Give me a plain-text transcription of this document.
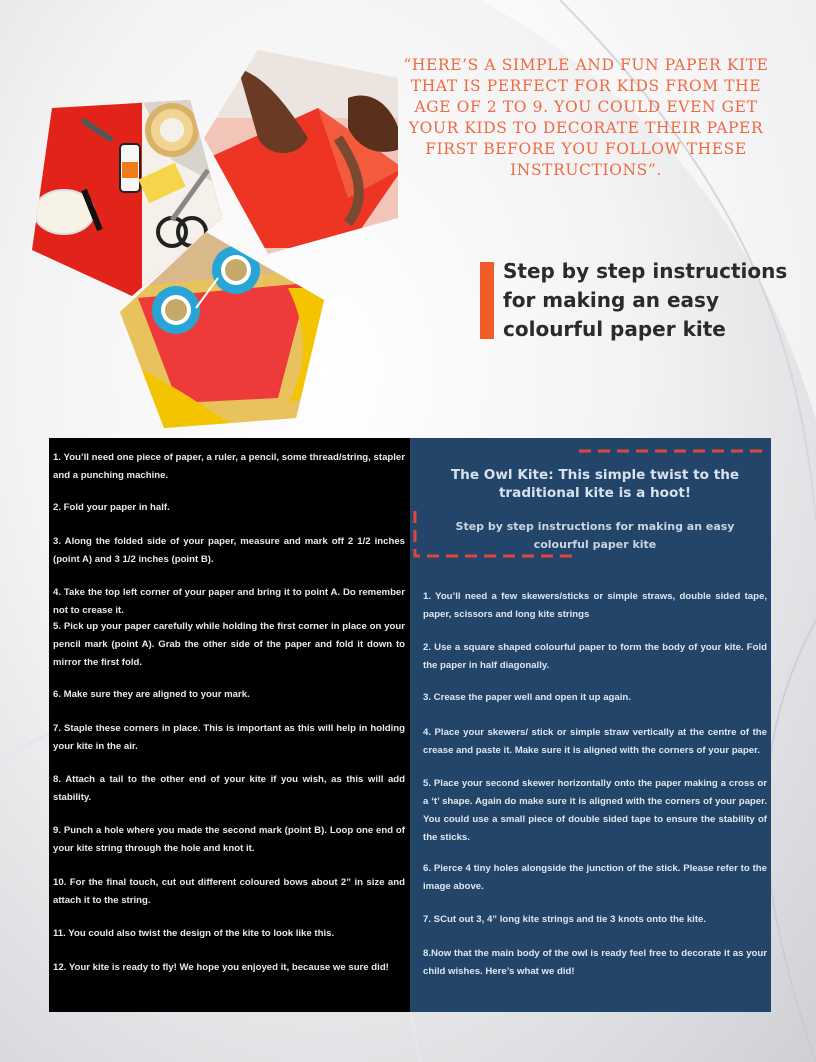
“HERE’S A SIMPLE AND FUN PAPER KITE THAT IS PERFECT FOR KIDS FROM THE AGE OF 2 TO 9. YOU COULD EVEN GET YOUR KIDS TO DECORATE THEIR PAPER FIRST BEFORE YOU FOLLOW THESE INSTRUCTIONS”.
Step by step instructions for making an easy colourful paper kite
1. You’ll need one piece of paper, a ruler, a pencil, some thread/string, stapler and a punching machine.
2. Fold your paper in half.
3. Along the folded side of your paper, measure and mark off 2 1/2 inches (point A) and 3 1/2 inches (point B).
4. Take the top left corner of your paper and bring it to point A. Do remember not to crease it.
5. Pick up your paper carefully while holding the first corner in place on your pencil mark (point A). Grab the other side of the paper and fold it down to mirror the first fold.
6. Make sure they are aligned to your mark.
7. Staple these corners in place. This is important as this will help in holding your kite in the air.
8. Attach a tail to the other end of your kite if you wish, as this will add stability.
9. Punch a hole where you made the second mark (point B). Loop one end of your kite string through the hole and knot it.
10. For the final touch, cut out different coloured bows about 2” in size and attach it to the string.
11. You could also twist the design of the kite to look like this.
12. Your kite is ready to fly! We hope you enjoyed it, because we sure did!
The Owl Kite: This simple twist to the traditional kite is a hoot!
Step by step instructions for making an easy colourful paper kite
1. You’ll need a few skewers/sticks or simple straws, double sided tape, paper, scissors and long kite strings
2. Use a square shaped colourful paper to form the body of your kite. Fold the paper in half diagonally.
3. Crease the paper well and open it up again.
4. Place your skewers/ stick or simple straw vertically at the centre of the crease and paste it. Make sure it is aligned with the corners of your paper.
5. Place your second skewer horizontally onto the paper making a cross or a ‘t’ shape. Again do make sure it is aligned with the corners of your paper. You could use a small piece of double sided tape to ensure the stability of the sticks.
6. Pierce 4 tiny holes alongside the junction of the stick. Please refer to the image above.
7. SCut out 3, 4” long kite strings and tie 3 knots onto the kite.
8.Now that the main body of the owl is ready feel free to decorate it as your child wishes. Here’s what we did!
